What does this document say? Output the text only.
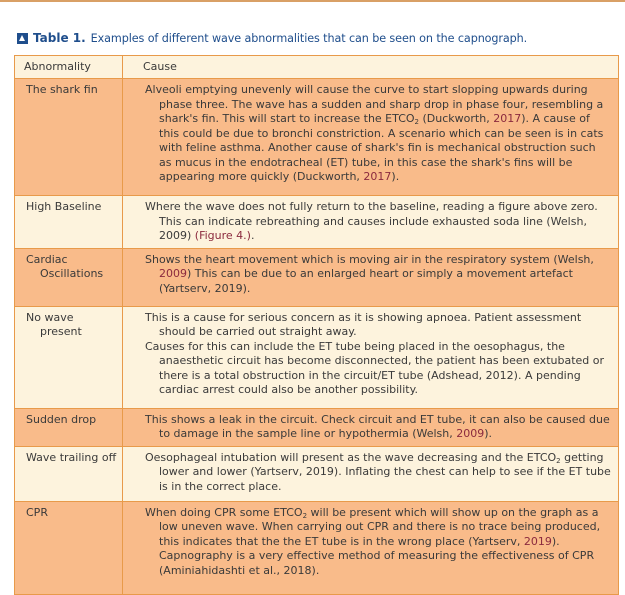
Table 1. Examples of different wave abnormalities that can be seen on the capnograph.
Abnormality	Cause

The shark fin	Alveoli emptying unevenly will cause the curve to start slopping upwards during phase three. The wave has a sudden and sharp drop in phase four, resembling a shark's fin. This will start to increase the $ETCO_2$ (Duckworth, 2017). A cause of this could be due to bronchi constriction. A scenario which can be seen is in cats with feline asthma. Another cause of shark's fin is mechanical obstruction such as mucus in the endotracheal (ET) tube, in this case the shark's fins will be appearing more quickly (Duckworth, 2017).

High Baseline	Where the wave does not fully return to the baseline, reading a figure above zero. This can indicate rebreathing and causes include exhausted soda line (Welsh, 2009) (Figure 4.).

Cardiac Oscillations	Shows the heart movement which is moving air in the respiratory system (Welsh, 2009) This can be due to an enlarged heart or simply a movement artefact (Yartserv, 2019).

No wave present	This is a cause for serious concern as it is showing apnoea. Patient assessment should be carried out straight away.
Causes for this can include the ET tube being placed in the oesophagus, the anaesthetic circuit has become disconnected, the patient has been extubated or there is a total obstruction in the circuit/ET tube (Adshead, 2012). A pending cardiac arrest could also be another possibility.

Sudden drop	This shows a leak in the circuit. Check circuit and ET tube, it can also be caused due to damage in the sample line or hypothermia (Welsh, 2009).

Wave trailing off	Oesophageal intubation will present as the wave decreasing and the $ETCO_2$ getting lower and lower (Yartserv, 2019). Inflating the chest can help to see if the ET tube is in the correct place.

CPR	When doing CPR some $ETCO_2$ will be present which will show up on the graph as a low uneven wave. When carrying out CPR and there is no trace being produced, this indicates that the the ET tube is in the wrong place (Yartserv, 2019). Capnography is a very effective method of measuring the effectiveness of CPR (Aminiahidashti et al., 2018).
